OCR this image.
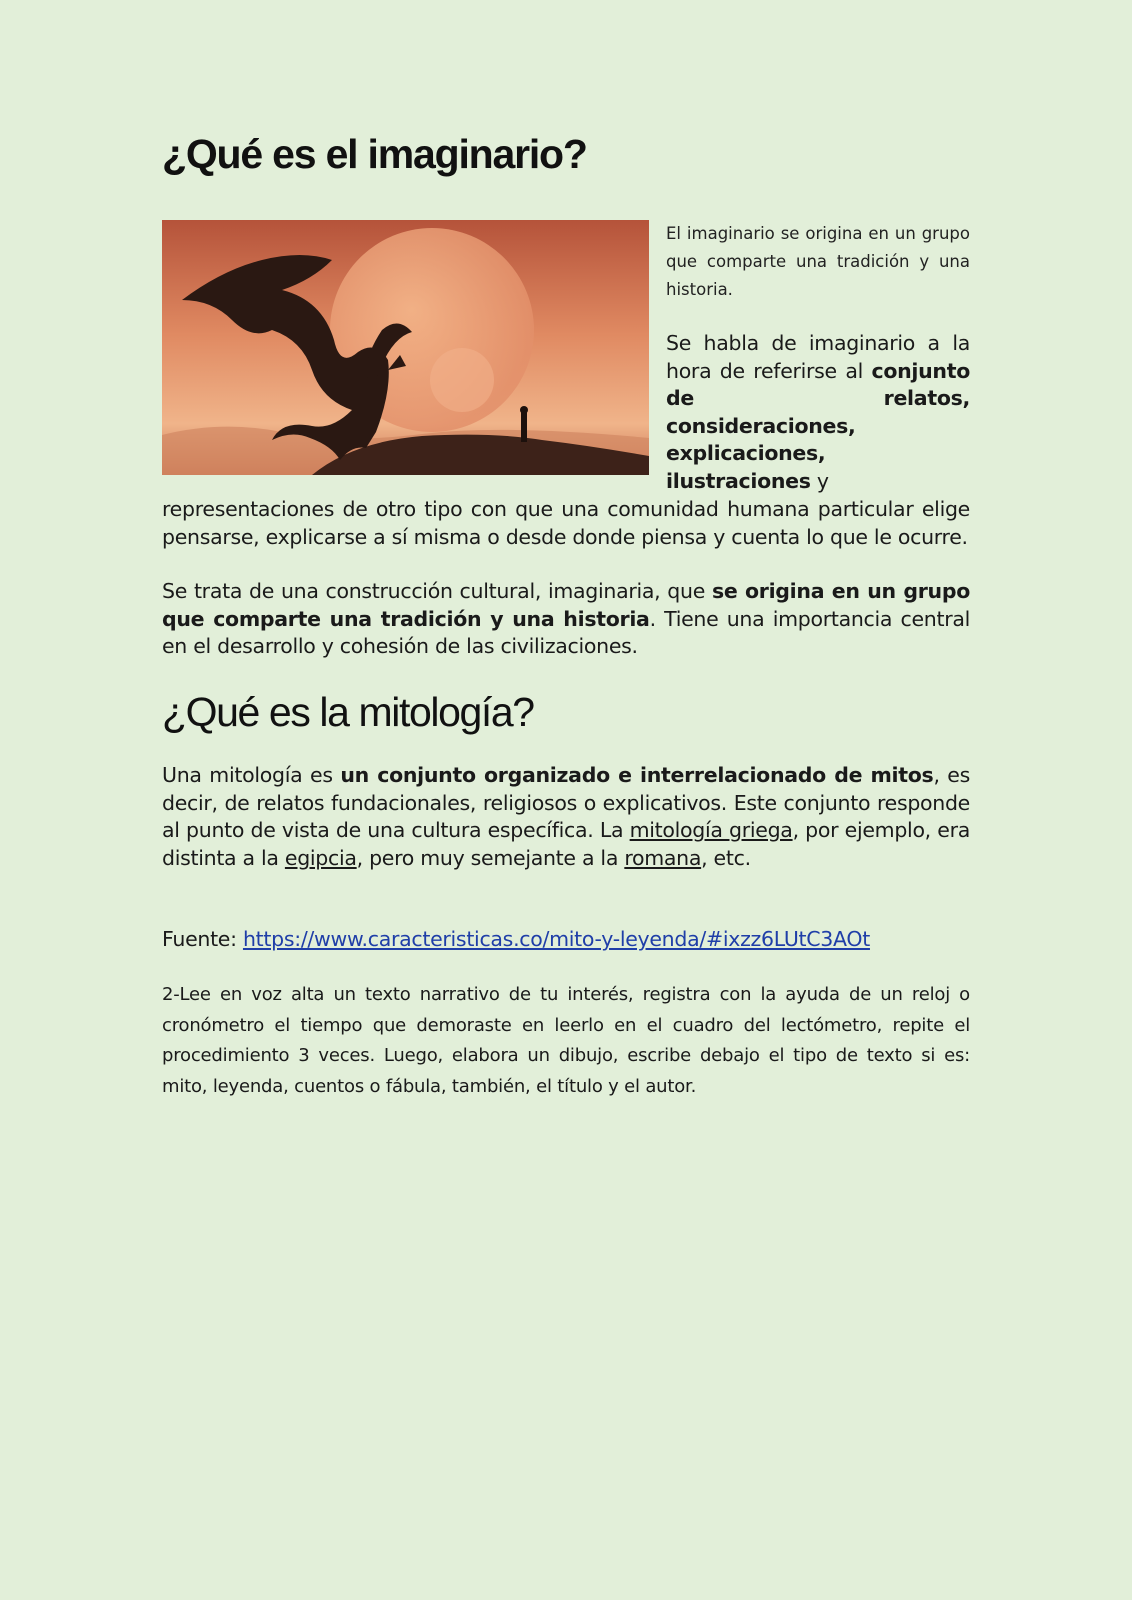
¿Qué es el imaginario?

El imaginario se origina en un grupo que comparte una tradición y una historia.

Se habla de imaginario a la hora de referirse al conjunto de relatos, consideraciones, explicaciones, ilustraciones y

representaciones de otro tipo con que una comunidad humana particular elige pensarse, explicarse a sí misma o desde donde piensa y cuenta lo que le ocurre.

Se trata de una construcción cultural, imaginaria, que se origina en un grupo que comparte una tradición y una historia. Tiene una importancia central en el desarrollo y cohesión de las civilizaciones.

¿Qué es la mitología?

Una mitología es un conjunto organizado e interrelacionado de mitos, es decir, de relatos fundacionales, religiosos o explicativos. Este conjunto responde al punto de vista de una cultura específica. La mitología griega, por ejemplo, era distinta a la egipcia, pero muy semejante a la romana, etc.

Fuente: https://www.caracteristicas.co/mito-y-leyenda/#ixzz6LUtC3AOt

2-Lee en voz alta un texto narrativo de tu interés, registra con la ayuda de un reloj o cronómetro el tiempo que demoraste en leerlo en el cuadro del lectómetro, repite el procedimiento 3 veces. Luego, elabora un dibujo, escribe debajo el tipo de texto si es: mito, leyenda, cuentos o fábula, también, el título y el autor.
